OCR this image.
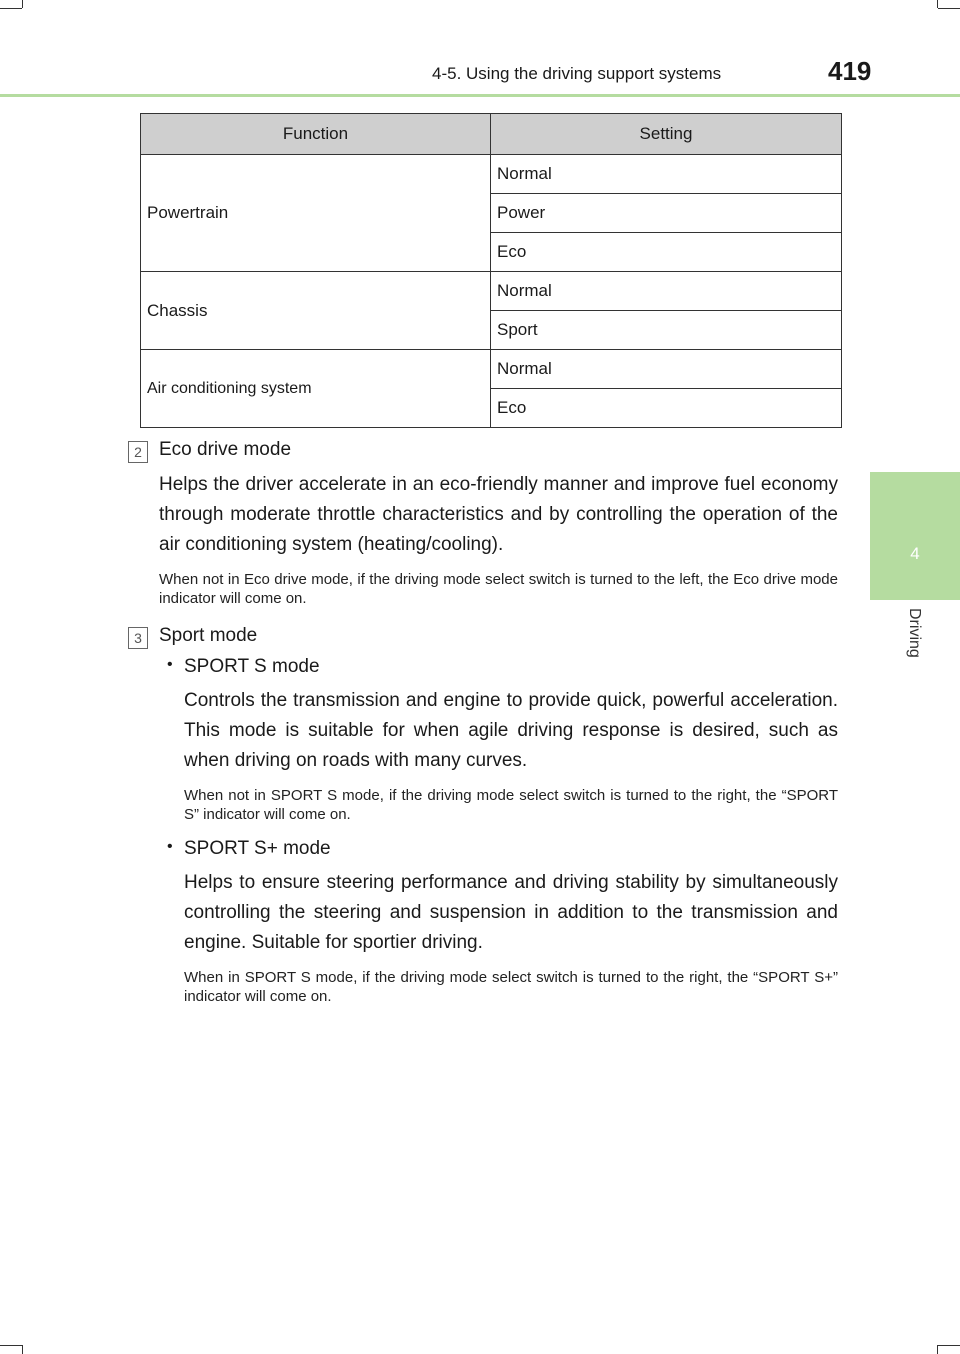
4-5. Using the driving support systems	419
4
Driving
Function	Setting
Powertrain	Normal
	Power
	Eco
Chassis	Normal
	Sport
Air conditioning system	Normal
	Eco
2 Eco drive mode
Helps the driver accelerate in an eco-friendly manner and improve fuel economy through moderate throttle characteristics and by controlling the operation of the air conditioning system (heating/cooling).
When not in Eco drive mode, if the driving mode select switch is turned to the left, the Eco drive mode indicator will come on.
3 Sport mode
• SPORT S mode
Controls the transmission and engine to provide quick, powerful acceleration. This mode is suitable for when agile driving response is desired, such as when driving on roads with many curves.
When not in SPORT S mode, if the driving mode select switch is turned to the right, the “SPORT S” indicator will come on.
• SPORT S+ mode
Helps to ensure steering performance and driving stability by simultaneously controlling the steering and suspension in addition to the transmission and engine. Suitable for sportier driving.
When in SPORT S mode, if the driving mode select switch is turned to the right, the “SPORT S+” indicator will come on.
